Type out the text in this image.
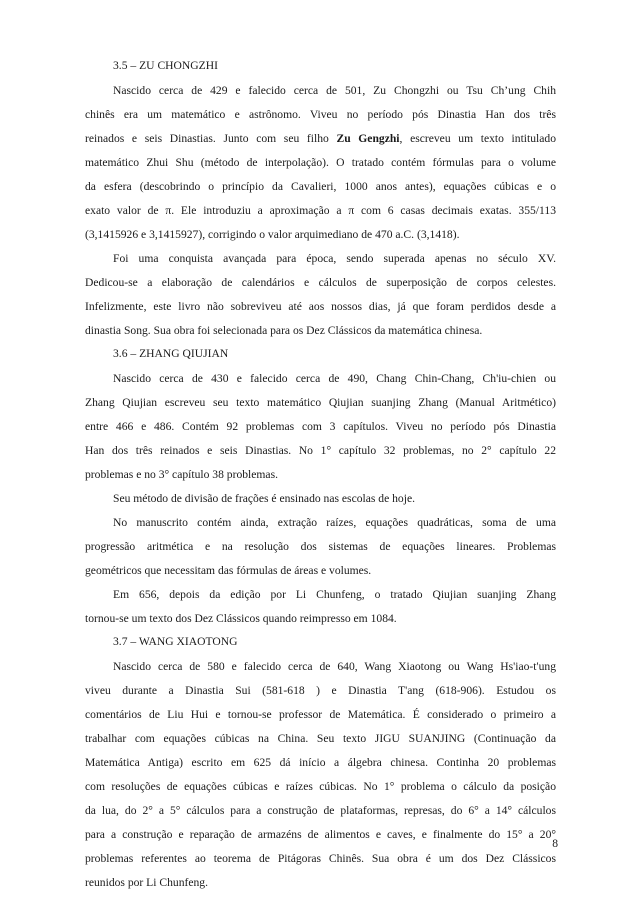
3.5 – ZU CHONGZHI
Nascido cerca de 429 e falecido cerca de 501, Zu Chongzhi ou Tsu Ch’ung Chih
chinês era um matemático e astrônomo. Viveu no período pós Dinastia Han dos três
reinados e seis Dinastias. Junto com seu filho Zu Gengzhi, escreveu um texto intitulado
matemático Zhui Shu (método de interpolação). O tratado contém fórmulas para o volume
da esfera (descobrindo o princípio da Cavalieri, 1000 anos antes), equações cúbicas e o
exato valor de π. Ele introduziu a aproximação a π com 6 casas decimais exatas. 355/113
(3,1415926 e 3,1415927), corrigindo o valor arquimediano de 470 a.C. (3,1418).
Foi uma conquista avançada para época, sendo superada apenas no século XV.
Dedicou-se a elaboração de calendários e cálculos de superposição de corpos celestes.
Infelizmente, este livro não sobreviveu até aos nossos dias, já que foram perdidos desde a
dinastia Song. Sua obra foi selecionada para os Dez Clássicos da matemática chinesa.
3.6 – ZHANG QIUJIAN
Nascido cerca de 430 e falecido cerca de 490, Chang Chin-Chang, Ch'iu-chien ou
Zhang Qiujian escreveu seu texto matemático Qiujian suanjing Zhang (Manual Aritmético)
entre 466 e 486. Contém 92 problemas com 3 capítulos. Viveu no período pós Dinastia
Han dos três reinados e seis Dinastias. No 1° capítulo 32 problemas, no 2° capítulo 22
problemas e no 3° capítulo 38 problemas.
Seu método de divisão de frações é ensinado nas escolas de hoje.
No manuscrito contém ainda, extração raízes, equações quadráticas, soma de uma
progressão aritmética e na resolução dos sistemas de equações lineares. Problemas
geométricos que necessitam das fórmulas de áreas e volumes.
Em 656, depois da edição por Li Chunfeng, o tratado Qiujian suanjing Zhang
tornou-se um texto dos Dez Clássicos quando reimpresso em 1084.
3.7 – WANG XIAOTONG
Nascido cerca de 580 e falecido cerca de 640, Wang Xiaotong ou Wang Hs'iao-t'ung
viveu durante a Dinastia Sui (581-618 ) e Dinastia T'ang (618-906). Estudou os
comentários de Liu Hui e tornou-se professor de Matemática. É considerado o primeiro a
trabalhar com equações cúbicas na China. Seu texto JIGU SUANJING (Continuação da
Matemática Antiga) escrito em 625 dá início a álgebra chinesa. Continha 20 problemas
com resoluções de equações cúbicas e raízes cúbicas. No 1° problema o cálculo da posição
da lua, do 2° a 5° cálculos para a construção de plataformas, represas, do 6° a 14° cálculos
para a construção e reparação de armazéns de alimentos e caves, e finalmente do 15° a 20°
problemas referentes ao teorema de Pitágoras Chinês. Sua obra é um dos Dez Clássicos
reunidos por Li Chunfeng.
8
